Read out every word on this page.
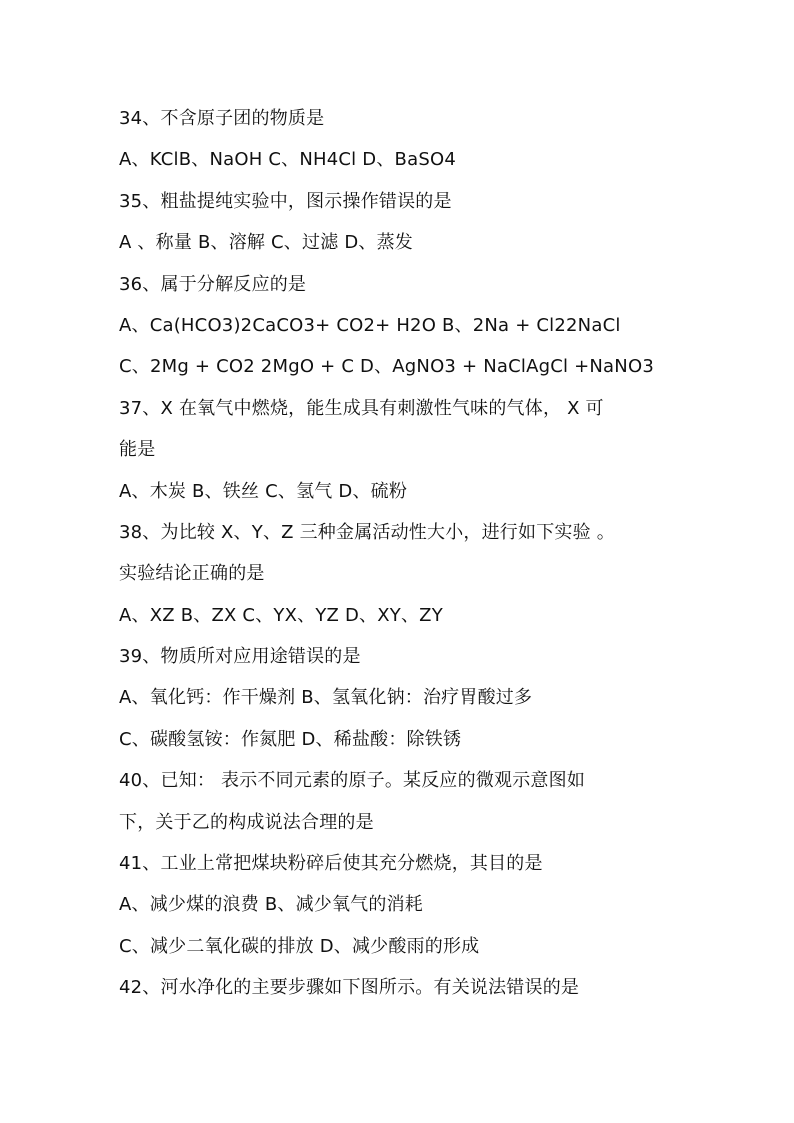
34、不含原子团的物质是
A、KClB、NaOH C、NH4Cl D、BaSO4
35、粗盐提纯实验中，图示操作错误的是
A 、称量 B、溶解 C、过滤 D、蒸发
36、属于分解反应的是
A、Ca(HCO3)2CaCO3+ CO2+ H2O B、2Na + Cl22NaCl
C、2Mg + CO2 2MgO + C D、AgNO3 + NaClAgCl +NaNO3
37、X 在氧气中燃烧，能生成具有刺激性气味的气体， X 可
能是
A、木炭 B、铁丝 C、氢气 D、硫粉
38、为比较 X、Y、Z 三种金属活动性大小，进行如下实验 。
实验结论正确的是
A、XZ B、ZX C、YX、YZ D、XY、ZY
39、物质所对应用途错误的是
A、氧化钙：作干燥剂 B、氢氧化钠：治疗胃酸过多
C、碳酸氢铵：作氮肥 D、稀盐酸：除铁锈
40、已知： 表示不同元素的原子。某反应的微观示意图如
下，关于乙的构成说法合理的是
41、工业上常把煤块粉碎后使其充分燃烧，其目的是
A、减少煤的浪费 B、减少氧气的消耗
C、减少二氧化碳的排放 D、减少酸雨的形成
42、河水净化的主要步骤如下图所示。有关说法错误的是
